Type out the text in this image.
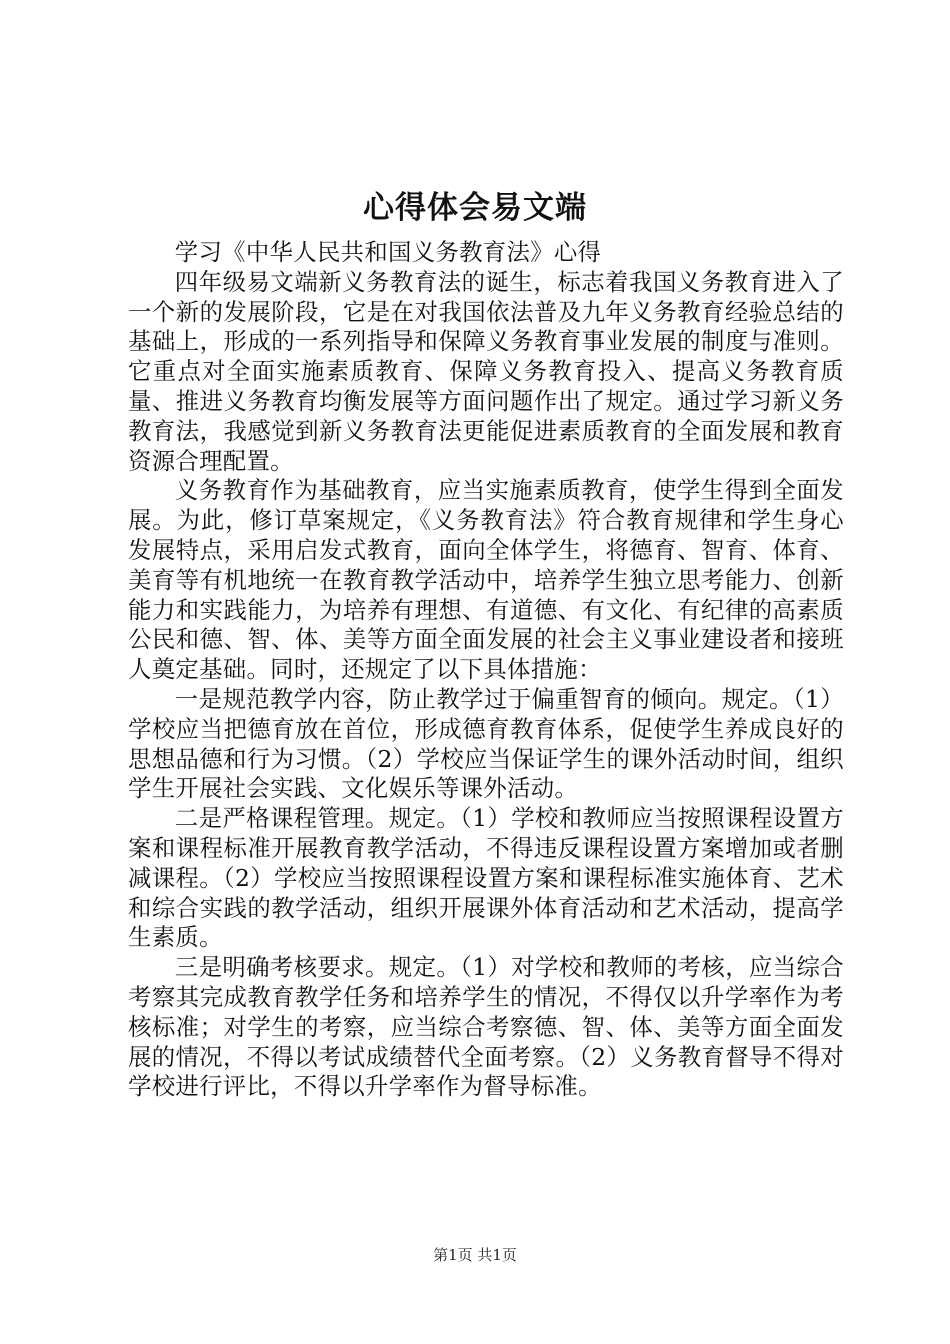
心得体会易文端

学习《中华人民共和国义务教育法》心得

四年级易文端新义务教育法的诞生，标志着我国义务教育进入了一个新的发展阶段，它是在对我国依法普及九年义务教育经验总结的基础上，形成的一系列指导和保障义务教育事业发展的制度与准则。它重点对全面实施素质教育、保障义务教育投入、提高义务教育质量、推进义务教育均衡发展等方面问题作出了规定。通过学习新义务教育法，我感觉到新义务教育法更能促进素质教育的全面发展和教育资源合理配置。

义务教育作为基础教育，应当实施素质教育，使学生得到全面发展。为此，修订草案规定，《义务教育法》符合教育规律和学生身心发展特点，采用启发式教育，面向全体学生，将德育、智育、体育、美育等有机地统一在教育教学活动中，培养学生独立思考能力、创新能力和实践能力，为培养有理想、有道德、有文化、有纪律的高素质公民和德、智、体、美等方面全面发展的社会主义事业建设者和接班人奠定基础。同时，还规定了以下具体措施：

一是规范教学内容，防止教学过于偏重智育的倾向。规定。（1）学校应当把德育放在首位，形成德育教育体系，促使学生养成良好的思想品德和行为习惯。（2）学校应当保证学生的课外活动时间，组织学生开展社会实践、文化娱乐等课外活动。

二是严格课程管理。规定。（1）学校和教师应当按照课程设置方案和课程标准开展教育教学活动，不得违反课程设置方案增加或者删减课程。（2）学校应当按照课程设置方案和课程标准实施体育、艺术和综合实践的教学活动，组织开展课外体育活动和艺术活动，提高学生素质。

三是明确考核要求。规定。（1）对学校和教师的考核，应当综合考察其完成教育教学任务和培养学生的情况，不得仅以升学率作为考核标准；对学生的考察，应当综合考察德、智、体、美等方面全面发展的情况，不得以考试成绩替代全面考察。（2）义务教育督导不得对学校进行评比，不得以升学率作为督导标准。

第1页 共1页
